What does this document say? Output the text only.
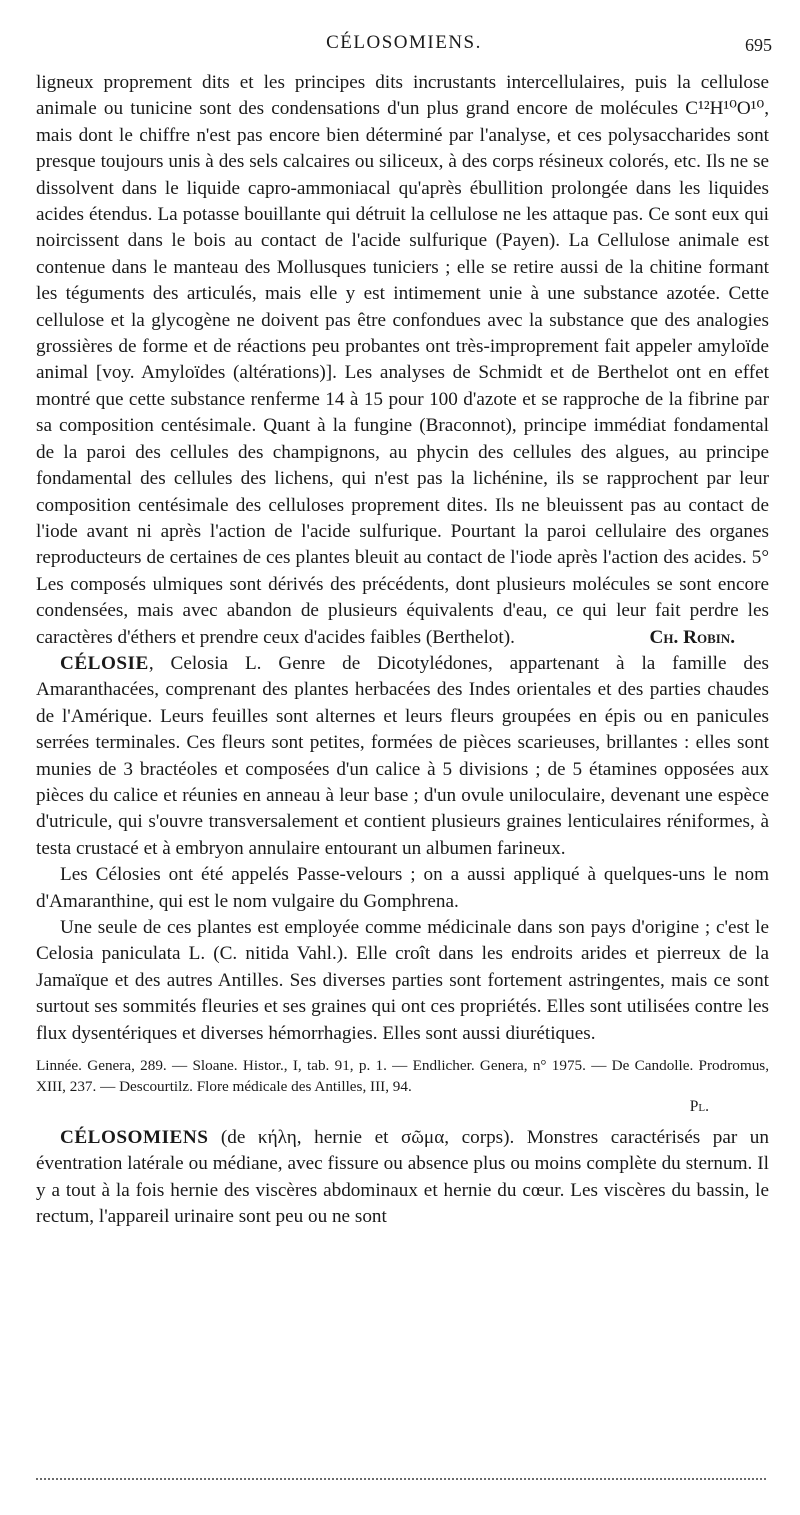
CÉLOSOMIENS.	695

ligneux proprement dits et les principes dits incrustants intercellulaires, puis la cellulose animale ou tunicine sont des condensations d'un plus grand encore de molécules C¹²H¹⁰O¹⁰, mais dont le chiffre n'est pas encore bien déterminé par l'analyse, et ces polysaccharides sont presque toujours unis à des sels calcaires ou siliceux, à des corps résineux colorés, etc. Ils ne se dissolvent dans le liquide capro-ammoniacal qu'après ébullition prolongée dans les liquides acides étendus. La potasse bouillante qui détruit la cellulose ne les attaque pas. Ce sont eux qui noircissent dans le bois au contact de l'acide sulfurique (Payen). La Cellulose animale est contenue dans le manteau des Mollusques tuniciers ; elle se retire aussi de la chitine formant les téguments des articulés, mais elle y est intimement unie à une substance azotée. Cette cellulose et la glycogène ne doivent pas être confondues avec la substance que des analogies grossières de forme et de réactions peu probantes ont très-improprement fait appeler amyloïde animal [voy. Amyloïdes (altérations)]. Les analyses de Schmidt et de Berthelot ont en effet montré que cette substance renferme 14 à 15 pour 100 d'azote et se rapproche de la fibrine par sa composition centésimale. Quant à la fungine (Braconnot), principe immédiat fondamental de la paroi des cellules des champignons, au phycin des cellules des algues, au principe fondamental des cellules des lichens, qui n'est pas la lichénine, ils se rapprochent par leur composition centésimale des celluloses proprement dites. Ils ne bleuissent pas au contact de l'iode avant ni après l'action de l'acide sulfurique. Pourtant la paroi cellulaire des organes reproducteurs de certaines de ces plantes bleuit au contact de l'iode après l'action des acides. 5° Les composés ulmiques sont dérivés des précédents, dont plusieurs molécules se sont encore condensées, mais avec abandon de plusieurs équivalents d'eau, ce qui leur fait perdre les caractères d'éthers et prendre ceux d'acides faibles (Berthelot).	Ch. Robin.

CÉLOSIE, Celosia L. Genre de Dicotylédones, appartenant à la famille des Amaranthacées, comprenant des plantes herbacées des Indes orientales et des parties chaudes de l'Amérique. Leurs feuilles sont alternes et leurs fleurs groupées en épis ou en panicules serrées terminales. Ces fleurs sont petites, formées de pièces scarieuses, brillantes : elles sont munies de 3 bractéoles et composées d'un calice à 5 divisions ; de 5 étamines opposées aux pièces du calice et réunies en anneau à leur base ; d'un ovule uniloculaire, devenant une espèce d'utricule, qui s'ouvre transversalement et contient plusieurs graines lenticulaires réniformes, à testa crustacé et à embryon annulaire entourant un albumen farineux.

Les Célosies ont été appelés Passe-velours ; on a aussi appliqué à quelques-uns le nom d'Amaranthine, qui est le nom vulgaire du Gomphrena.

Une seule de ces plantes est employée comme médicinale dans son pays d'origine ; c'est le Celosia paniculata L. (C. nitida Vahl.). Elle croît dans les endroits arides et pierreux de la Jamaïque et des autres Antilles. Ses diverses parties sont fortement astringentes, mais ce sont surtout ses sommités fleuries et ses graines qui ont ces propriétés. Elles sont utilisées contre les flux dysentériques et diverses hémorrhagies. Elles sont aussi diurétiques.

Linnée. Genera, 289. — Sloane. Histor., I, tab. 91, p. 1. — Endlicher. Genera, n° 1975. — De Candolle. Prodromus, XIII, 237. — Descourtilz. Flore médicale des Antilles, III, 94.

Pl.

CÉLOSOMIENS (de κήλη, hernie et σῶμα, corps). Monstres caractérisés par un éventration latérale ou médiane, avec fissure ou absence plus ou moins complète du sternum. Il y a tout à la fois hernie des viscères abdominaux et hernie du cœur. Les viscères du bassin, le rectum, l'appareil urinaire sont peu ou ne sont
